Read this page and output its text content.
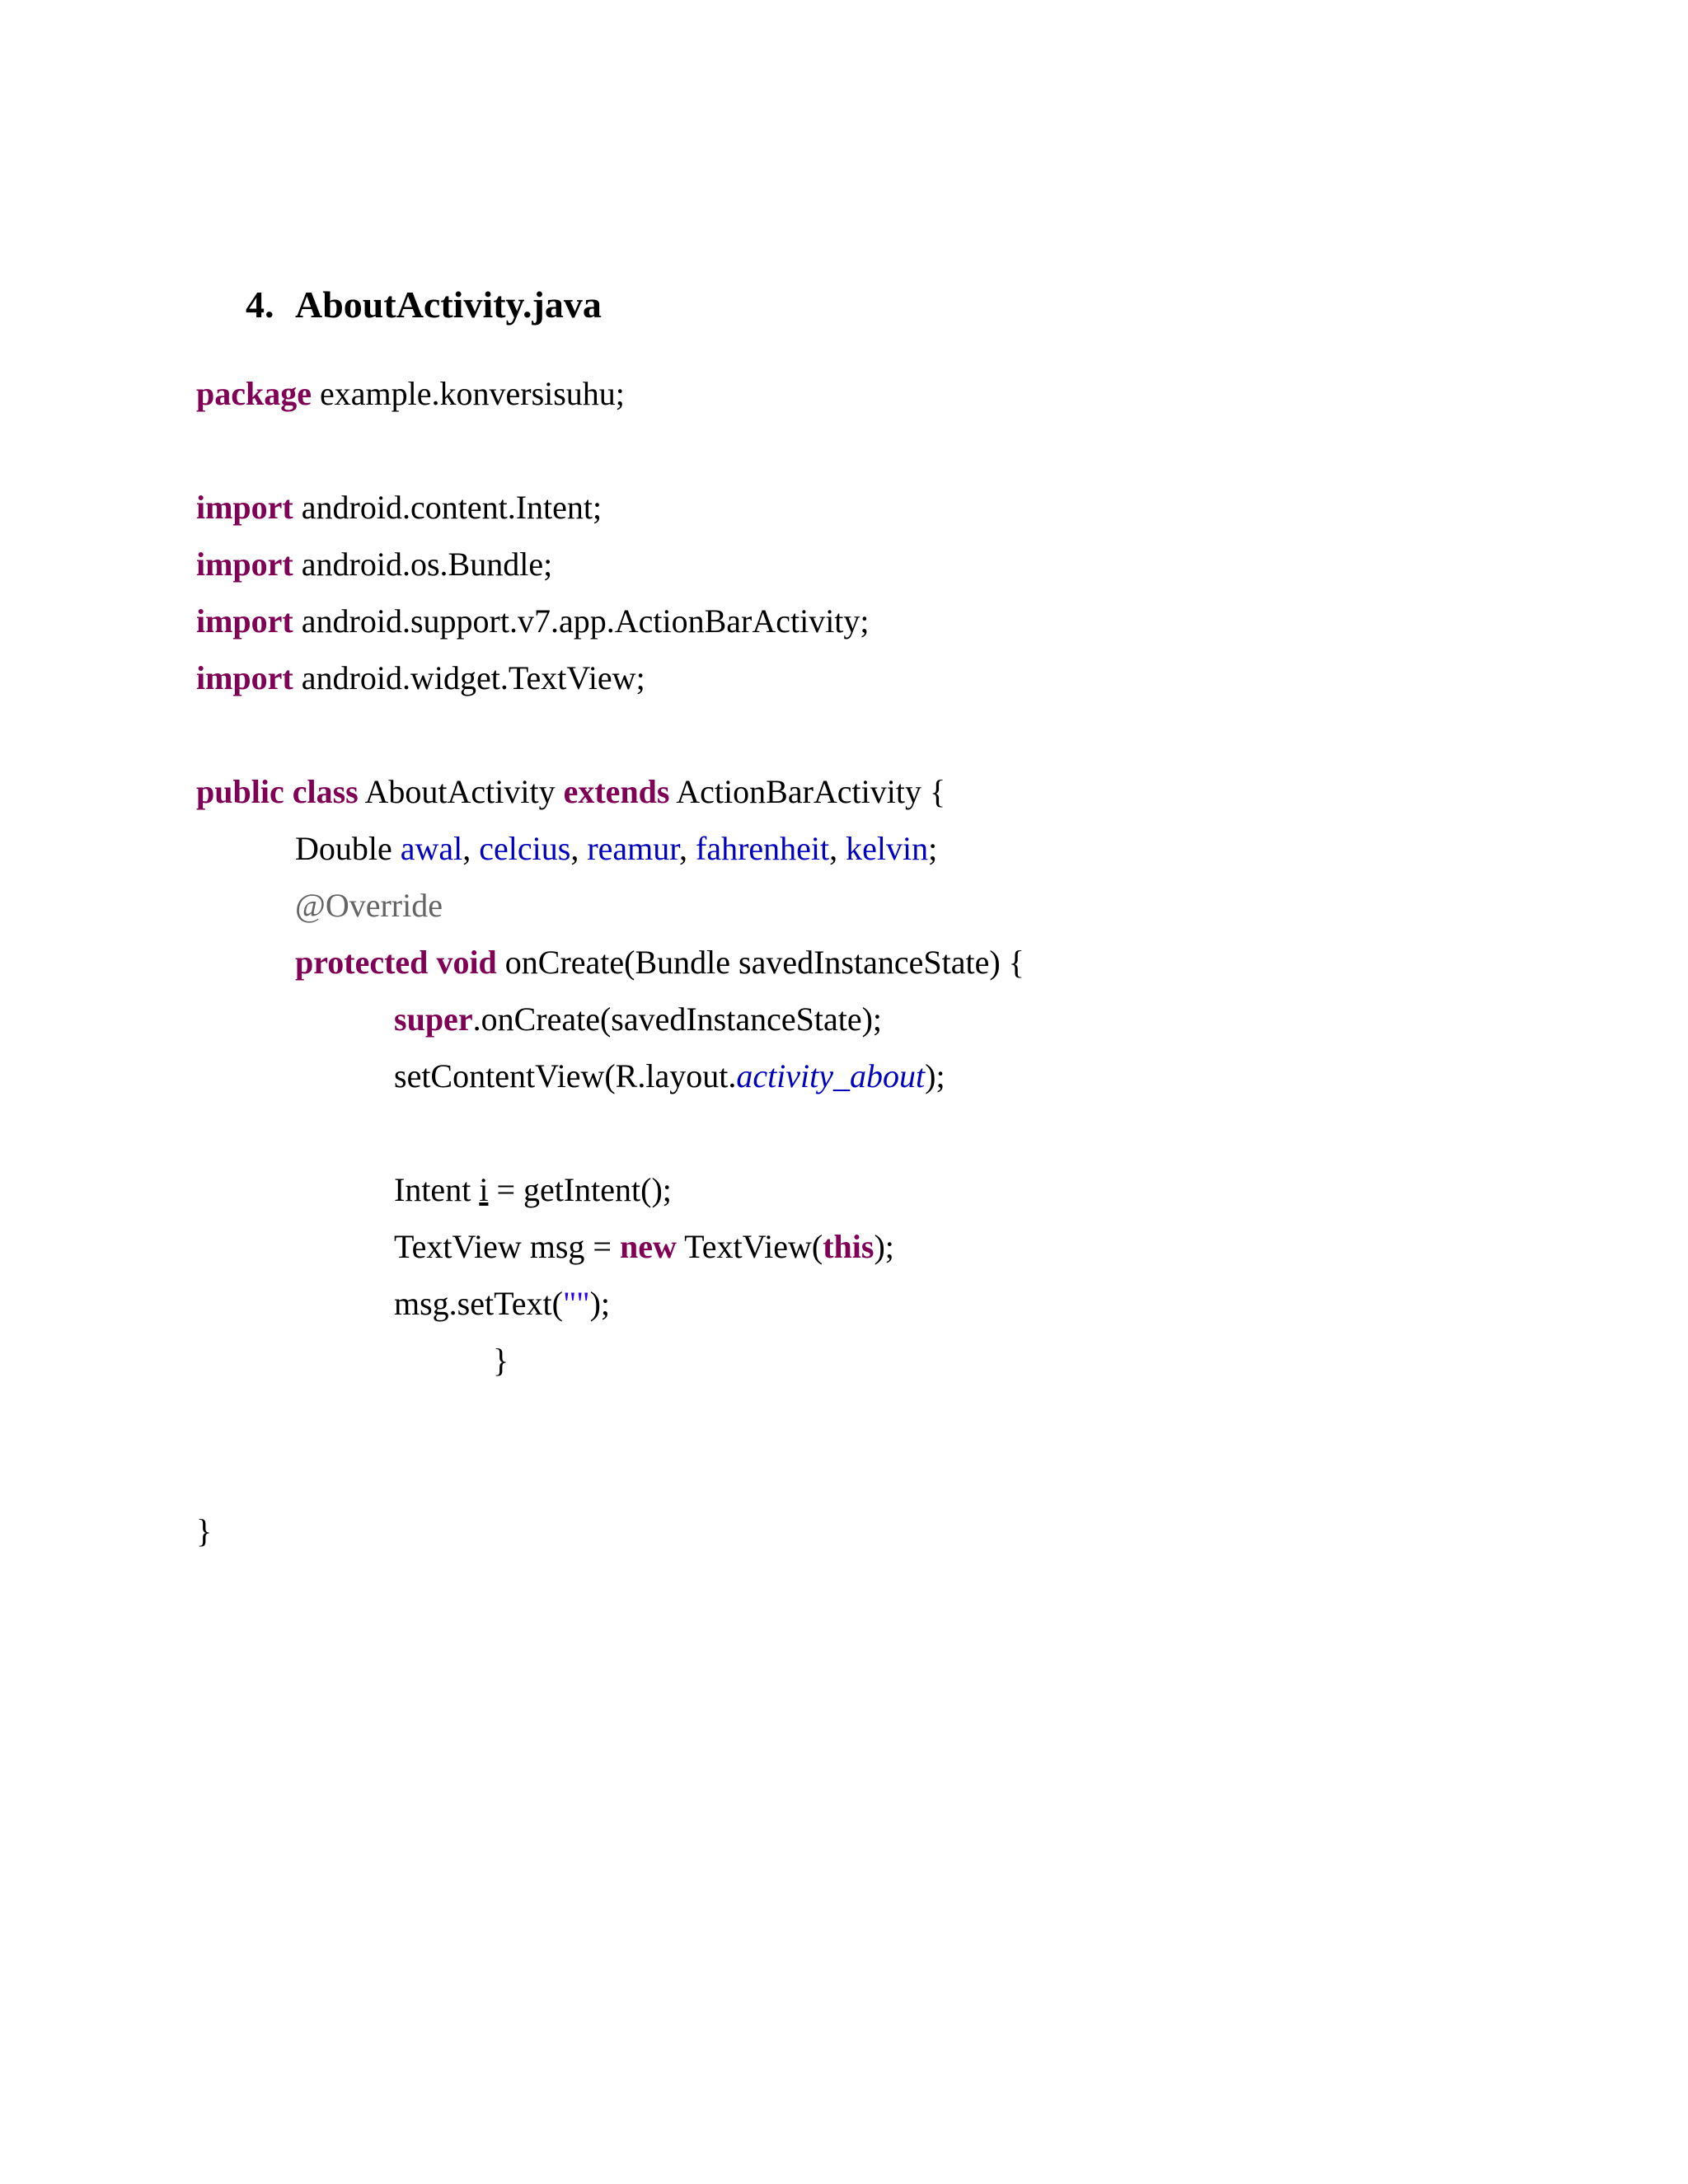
4. AboutActivity.java
package example.konversisuhu;
import android.content.Intent;
import android.os.Bundle;
import android.support.v7.app.ActionBarActivity;
import android.widget.TextView;
public class AboutActivity extends ActionBarActivity {
Double awal, celcius, reamur, fahrenheit, kelvin;
@Override
protected void onCreate(Bundle savedInstanceState) {
super.onCreate(savedInstanceState);
setContentView(R.layout.activity_about);
Intent i = getIntent();
TextView msg = new TextView(this);
msg.setText("");
}
}
